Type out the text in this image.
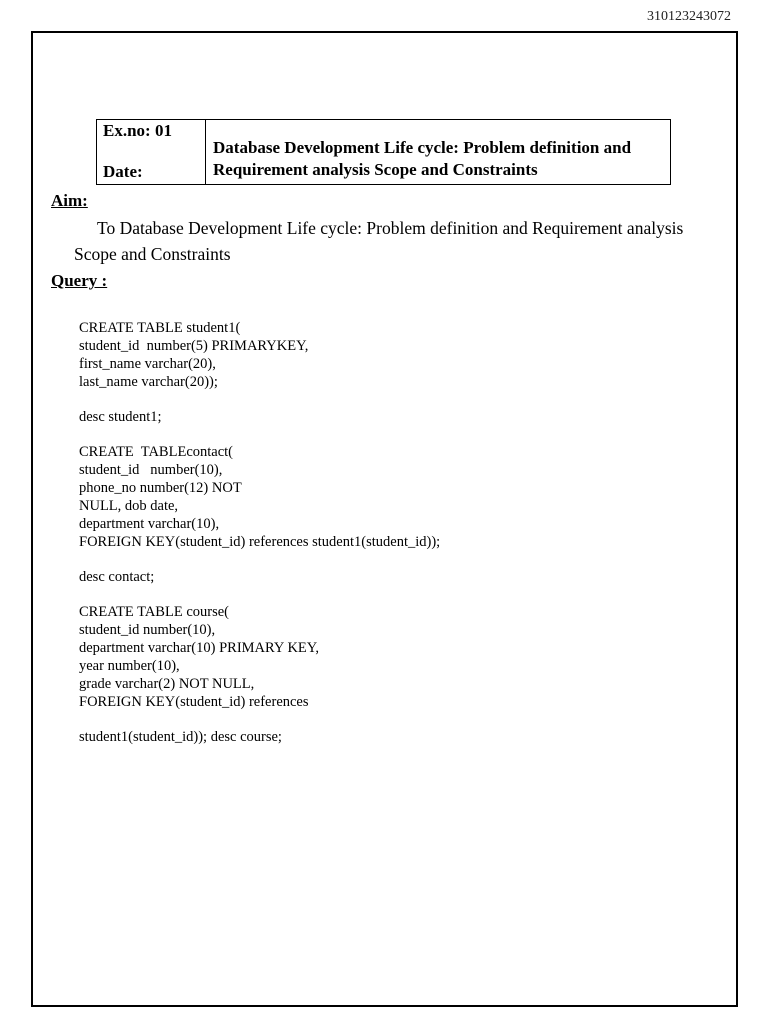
310123243072
Ex.no: 01
Date:

Database Development Life cycle: Problem definition and
Requirement analysis Scope and Constraints
Aim:
To Database Development Life cycle: Problem definition and Requirement analysis Scope and Constraints
Query :
CREATE TABLE student1(
student_id  number(5) PRIMARYKEY,
first_name varchar(20),
last_name varchar(20));
desc student1;
CREATE  TABLEcontact(
student_id   number(10),
phone_no number(12) NOT
NULL, dob date,
department varchar(10),
FOREIGN KEY(student_id) references student1(student_id));
desc contact;
CREATE TABLE course(
student_id number(10),
department varchar(10) PRIMARY KEY,
year number(10),
grade varchar(2) NOT NULL,
FOREIGN KEY(student_id) references
student1(student_id)); desc course;
